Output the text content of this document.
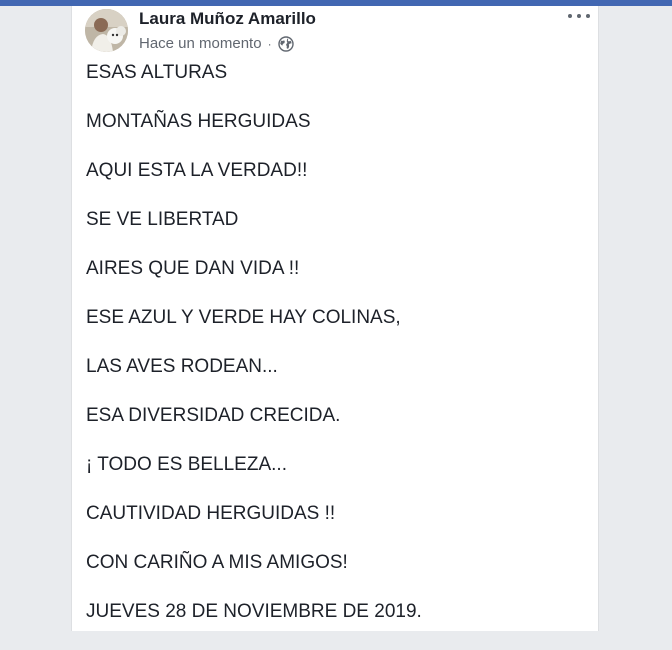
Laura Muñoz Amarillo
Hace un momento ·

ESAS ALTURAS

MONTAÑAS HERGUIDAS

AQUI ESTA LA VERDAD!!

SE VE LIBERTAD

AIRES QUE DAN VIDA !!

ESE AZUL Y VERDE HAY COLINAS,

LAS AVES RODEAN...

ESA DIVERSIDAD CRECIDA.

¡ TODO ES BELLEZA...

CAUTIVIDAD HERGUIDAS !!

CON CARIÑO A MIS AMIGOS!

JUEVES 28 DE NOVIEMBRE DE 2019.
